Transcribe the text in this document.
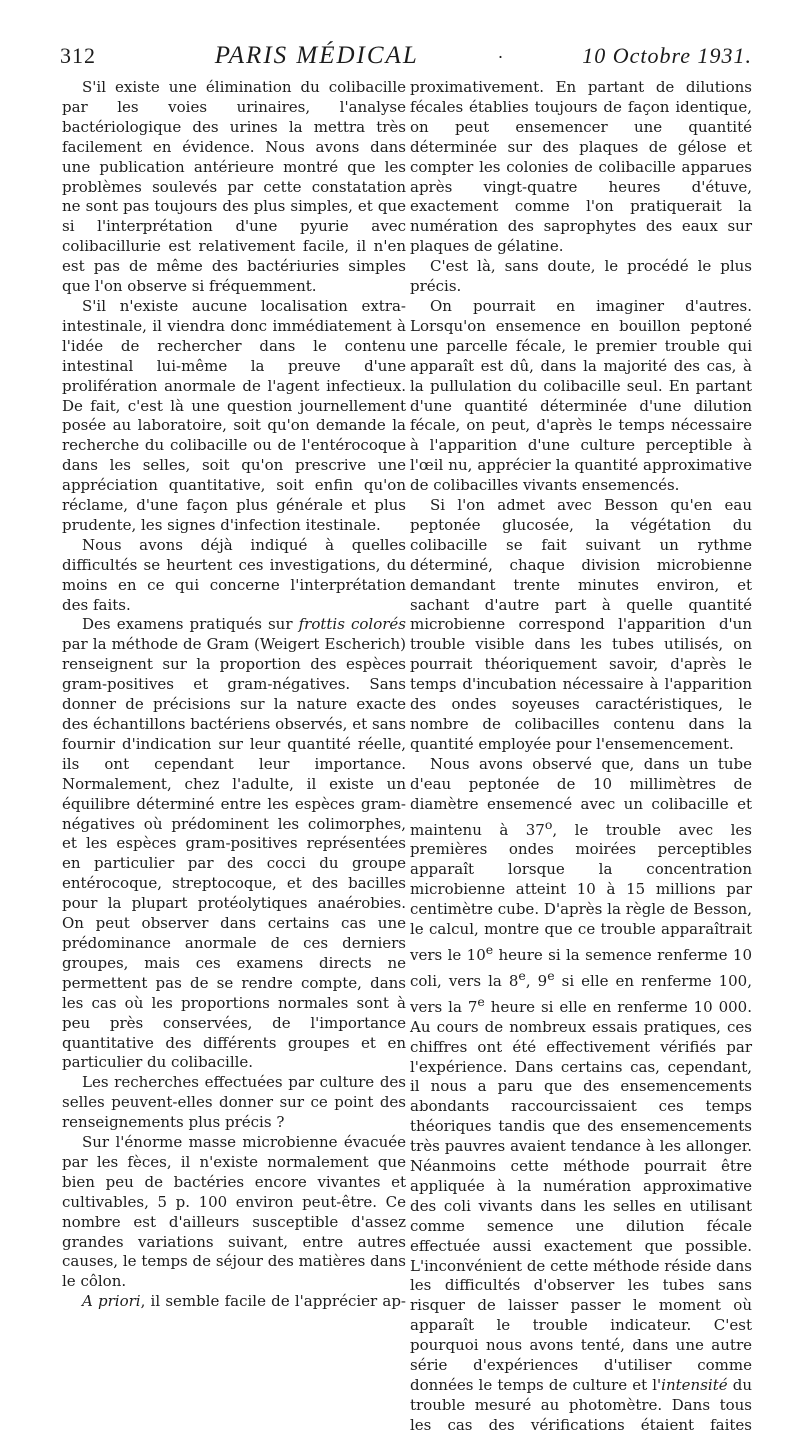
312	PARIS MÉDICAL	·	10 Octobre 1931.

S'il existe une élimination du colibacille par les voies urinaires, l'analyse bactériologique des urines la mettra très facilement en évidence. Nous avons dans une publication antérieure montré que les problèmes soulevés par cette constatation ne sont pas toujours des plus simples, et que si l'interprétation d'une pyurie avec colibacillurie est relativement facile, il n'en est pas de même des bactériuries simples que l'on observe si fréquemment.

S'il n'existe aucune localisation extra-intestinale, il viendra donc immédiatement à l'idée de rechercher dans le contenu intestinal lui-même la preuve d'une prolifération anormale de l'agent infectieux. De fait, c'est là une question journellement posée au laboratoire, soit qu'on demande la recherche du colibacille ou de l'entérocoque dans les selles, soit qu'on prescrive une appréciation quantitative, soit enfin qu'on réclame, d'une façon plus générale et plus prudente, les signes d'infection itestinale.

Nous avons déjà indiqué à quelles difficultés se heurtent ces investigations, du moins en ce qui concerne l'interprétation des faits.

Des examens pratiqués sur frottis colorés par la méthode de Gram (Weigert Escherich) renseignent sur la proportion des espèces gram-positives et gram-négatives. Sans donner de précisions sur la nature exacte des échantillons bactériens observés, et sans fournir d'indication sur leur quantité réelle, ils ont cependant leur importance. Normalement, chez l'adulte, il existe un équilibre déterminé entre les espèces gram-négatives où prédominent les colimorphes, et les espèces gram-positives représentées en particulier par des cocci du groupe entérocoque, streptocoque, et des bacilles pour la plupart protéolytiques anaérobies. On peut observer dans certains cas une prédominance anormale de ces derniers groupes, mais ces examens directs ne permettent pas de se rendre compte, dans les cas où les proportions normales sont à peu près conservées, de l'importance quantitative des différents groupes et en particulier du colibacille.

Les recherches effectuées par culture des selles peuvent-elles donner sur ce point des renseignements plus précis ?

Sur l'énorme masse microbienne évacuée par les fèces, il n'existe normalement que bien peu de bactéries encore vivantes et cultivables, 5 p. 100 environ peut-être. Ce nombre est d'ailleurs susceptible d'assez grandes variations suivant, entre autres causes, le temps de séjour des matières dans le côlon.

A priori, il semble facile de l'apprécier ap-

proximativement. En partant de dilutions fécales établies toujours de façon identique, on peut ensemencer une quantité déterminée sur des plaques de gélose et compter les colonies de colibacille apparues après vingt-quatre heures d'étuve, exactement comme l'on pratiquerait la numération des saprophytes des eaux sur plaques de gélatine.

C'est là, sans doute, le procédé le plus précis.

On pourrait en imaginer d'autres. Lorsqu'on ensemence en bouillon peptoné une parcelle fécale, le premier trouble qui apparaît est dû, dans la majorité des cas, à la pullulation du colibacille seul. En partant d'une quantité déterminée d'une dilution fécale, on peut, d'après le temps nécessaire à l'apparition d'une culture perceptible à l'œil nu, apprécier la quantité approximative de colibacilles vivants ensemencés.

Si l'on admet avec Besson qu'en eau peptonée glucosée, la végétation du colibacille se fait suivant un rythme déterminé, chaque division microbienne demandant trente minutes environ, et sachant d'autre part à quelle quantité microbienne correspond l'apparition d'un trouble visible dans les tubes utilisés, on pourrait théoriquement savoir, d'après le temps d'incubation nécessaire à l'apparition des ondes soyeuses caractéristiques, le nombre de colibacilles contenu dans la quantité employée pour l'ensemencement.

Nous avons observé que, dans un tube d'eau peptonée de 10 millimètres de diamètre ensemencé avec un colibacille et maintenu à 37$^o$, le trouble avec les premières ondes moirées perceptibles apparaît lorsque la concentration microbienne atteint 10 à 15 millions par centimètre cube. D'après la règle de Besson, le calcul, montre que ce trouble apparaîtrait vers le 10e heure si la semence renferme 10 coli, vers la 8e, 9e si elle en renferme 100, vers la 7e heure si elle en renferme 10 000. Au cours de nombreux essais pratiques, ces chiffres ont été effectivement vérifiés par l'expérience. Dans certains cas, cependant, il nous a paru que des ensemencements abondants raccourcissaient ces temps théoriques tandis que des ensemencements très pauvres avaient tendance à les allonger. Néanmoins cette méthode pourrait être appliquée à la numération approximative des coli vivants dans les selles en utilisant comme semence une dilution fécale effectuée aussi exactement que possible. L'inconvénient de cette méthode réside dans les difficultés d'observer les tubes sans risquer de laisser passer le moment où apparaît le trouble indicateur. C'est pourquoi nous avons tenté, dans une autre série d'expériences d'utiliser comme données le temps de culture et l'intensité du trouble mesuré au photomètre. Dans tous les cas des vérifications étaient faites
